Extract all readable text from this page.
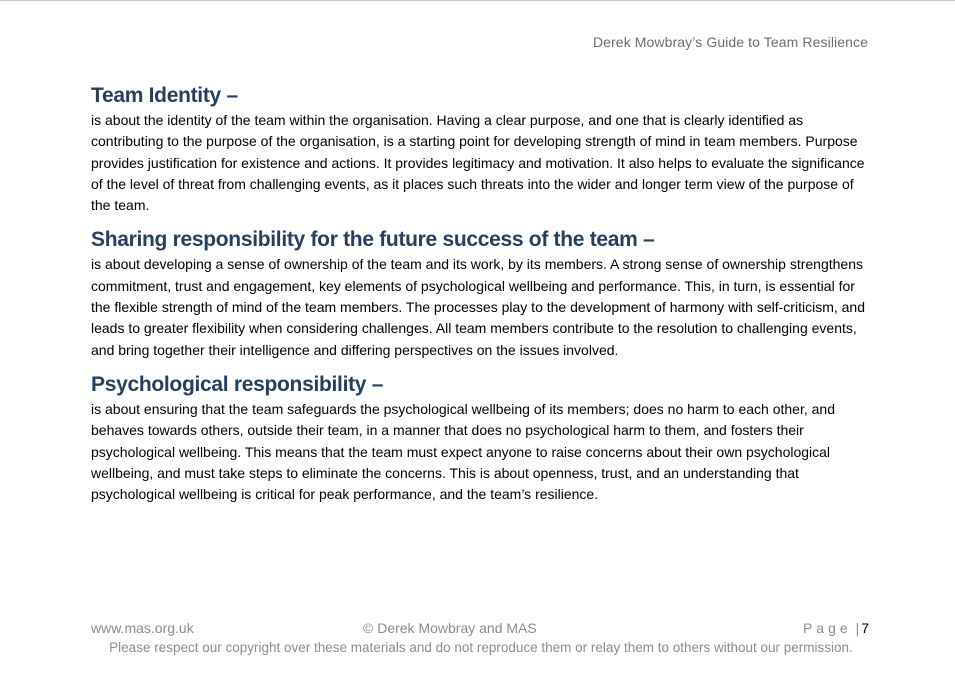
Derek Mowbray’s Guide to Team Resilience
Team Identity –

is about the identity of the team within the organisation. Having a clear purpose, and one that is clearly identified as contributing to the purpose of the organisation, is a starting point for developing strength of mind in team members. Purpose provides justification for existence and actions. It provides legitimacy and motivation. It also helps to evaluate the significance of the level of threat from challenging events, as it places such threats into the wider and longer term view of the purpose of the team.

Sharing responsibility for the future success of the team –

is about developing a sense of ownership of the team and its work, by its members. A strong sense of ownership strengthens commitment, trust and engagement, key elements of psychological wellbeing and performance. This, in turn, is essential for the flexible strength of mind of the team members. The processes play to the development of harmony with self-criticism, and leads to greater flexibility when considering challenges. All team members contribute to the resolution to challenging events, and bring together their intelligence and differing perspectives on the issues involved.

Psychological responsibility –

is about ensuring that the team safeguards the psychological wellbeing of its members; does no harm to each other, and behaves towards others, outside their team, in a manner that does no psychological harm to them, and fosters their psychological wellbeing. This means that the team must expect anyone to raise concerns about their own psychological wellbeing, and must take steps to eliminate the concerns. This is about openness, trust, and an understanding that psychological wellbeing is critical for peak performance, and the team’s resilience.

www.mas.org.uk	© Derek Mowbray and MAS	Page | 7
Please respect our copyright over these materials and do not reproduce them or relay them to others without our permission.
